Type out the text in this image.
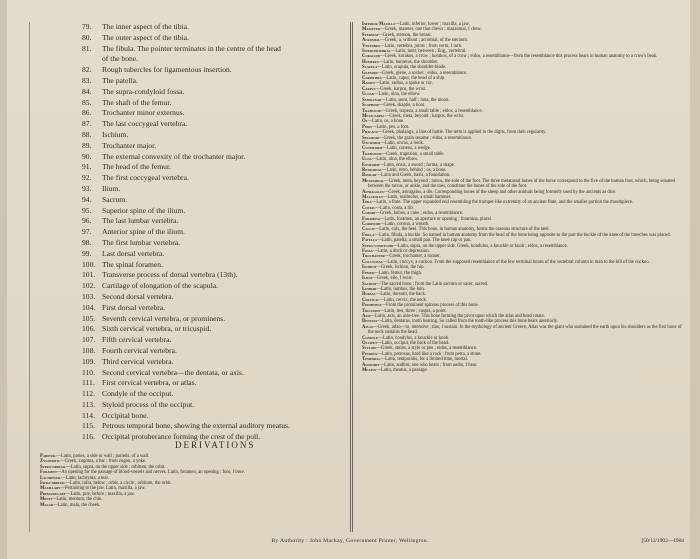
79.	The inner aspect of the tibia.
80.	The outer aspect of the tibia.
81.	The fibula. The pointer terminates in the centre of the head
of the bone.
82.	Rough tubercles for ligamentous insertion.
83.	The patella.
84.	The supra-condyloid fossa.
85.	The shaft of the femur.
86.	Trochanter minor externus.
87.	The last coccygeal vertebra.
88.	Ischium.
89.	Trochanter major.
90.	The external convexity of the trochanter major.
91.	The head of the femur.
92.	The first coccygeal vertebra.
93.	Ilium.
94.	Sacrum.
95.	Superior spine of the ilium.
96.	The last lumbar vertebra.
97.	Anterior spine of the ilium.
98.	The first lumbar vertebra.
99.	Last dorsal vertebra.
100. The spinal foramen.
101. Transverse process of dorsal vertebra (13th).
102. Cartilage of elongation of the scapula.
103. Second dorsal vertebra.
104. First dorsal vertebra.
105. Seventh cervical vertebra, or prominens.
106. Sixth cervical vertebra, or tricuspid.
107. Fifth cervical vertebra.
108. Fourth cervical vertebra.
109. Third cervical vertebra.
110. Second cervical vertebra—the dentata, or axis.
111. First cervical vertebra, or atlas.
112. Condyle of the occiput.
113. Styloid process of the occiput.
114. Occipital bone.
115. Petrous temporal bone, showing the external auditory meatus.
116. Occipital protuberance forming the crest of the poll.
DERIVATIONS

Parietal—Latin, paries, a side or wall ; parietis, of a wall.

Zygomatic—Greek, zugoma, a bar ; from zugon, a yoke.

Supra-orbital—Latin, supra, on the upper side ; orbitum, the orbit.

Foramen—An opening for the passage of blood-vessels and nerves. Latin, foramen, an opening ; foro, I bore.

Lachrymal—Latin, lachryma, a tear.

Infra-orbital—Latin, infra, below ; orbis, a circle ; orbitum, the orbit.

Maxillary—Pertaining to the jaw. Latin, maxilla, a jaw.

Premaxillary—Latin, præ, before ; maxilla, a jaw.

Menti—Latin, mentum, the chin.

Malar—Latin, mala, the cheek.

Inferior Maxilla—Latin, inferior, lower ; maxilla, a jaw.

Masseter—Greek, maseter, one that chews ; masaomai, I chew.

Sternum—Greek, sternon, the breast.

Acromial—Greek, a, without ; acromial, of the sternum.

Vertebra—Latin, vertebra, joints ; from verto, I turn.

Intervertebral—Latin, inter, between ; Eng., vertebral.

Coracoid—Greek, korakos, a crow ; korakos, of a crow ; eidos, a resemblance—from the resemblance this process bears in human anatomy to a crow's beak.

Humerus—Latin, humerus, the shoulder.

Scapula—Latin, scapula, the shoulder-blade.

Glenoid—Greek, glene, a socket ; eidos, a resemblance.

Carpitibus—Latin, caput, the head of a ship.

Radius—Latin, radius, a spoke or ray.

Carpus—Greek, karpos, the wrist.

Ulnar—Latin, ulna, the elbow.

Semilunar—Latin, semi, half ; luna, the moon.

Scaphoid—Greek, skaphe, a boat.

Trapezoid—Greek, trapeza, a small table ; eidos, a resemblance.

Metacarpal—Greek, meta, beyond ; karpos, the wrist.

Os—Latin, os, a bone.

Pedis—Latin, pes, a foot.

Phalanx—Greek, phalangx, a line of battle. The term is applied to the digits, from their regularity.

Sesamoid—Greek, the grain sesame ; eidos, a resemblance.

Unciform—Latin, uncus, a hook.

Cuneiform—Latin, cuneus, a wedge.

Trapezium—Greek, trapezion, a small table.

Ulna—Latin, ulna, the elbow.

Ensiform—Latin, ensis, a sword ; forma, a shape.

Retrorsal—Latin, retro, behind ; os, a bone.

Basilar—Latin and Greek, basis, a foundation.

Metatarsal—Greek, meta, beyond ; tarsos, the sole of the foot. The three metatarsal bones of the horse correspond to the five of the human foot, which, being situated between the tarsus, or ankle, and the toes, constitute the bones of the sole of the foot.

Astragalus—Greek, astragalos, a die. Corresponding bones of the sheep and other animals being formerly used by the ancients as dice.

Malleolus—Latin, malleolus, a small hammer.

Tibia—Latin, a flute. The upper expanded end resembling the trumpet-like extremity of an ancient flute, and the smaller portion the mouthpiece.

Costal—Latin, costa, a rib.

Cuboid—Greek, kubos, a cube ; eidos, a resemblance.

Foramina—Latin, foramen, an aperture or opening ; foramina, plural.

Coronoid—Latin, corona, a wreath.

Calcis—Latin, calx, the heel. This bone, in human anatomy, forms the osseous structure of the heel.

Fibula—Latin, fibula, a buckle. So named in human anatomy from the head of the bone being opposite to the part the buckle of the knee of the breeches was placed.

Patella—Latin, patella, a small pan. The knee cap or pan.

Supra-condyloid—Latin, supra, on the upper side. Greek, kondulos, a knuckle or knob ; eidos, a resemblance.

Fossa—Latin, a ditch or depression.

Trochanter—Greek, trochanter, a runner.

Coccygeal—Latin, coccyx, a cuckoo. From the supposed resemblance of the few terminal bones of the vertebral column in man to the bill of the cuckoo.

Ischium—Greek, ischion, the hip.

Femur—Latin, femur, the thigh.

Ilium—Greek, eilo, I twist.

Sacrum—The sacred bone ; from the Latin sacrum or sacer, sacred.

Lumbar—Latin, lumbus, the loin.

Dorsal—Latin, dorsum, the back.

Cervical—Latin, cervix, the neck.

Prominens—From the prominent spinous process of this bone.

Tricuspid—Latin, tres, three ; cuspis, a point.

Axis—Latin, axis, an axle-tree. This bone forming the pivot upon which the atlas and head rotate.

Dentata—Latin, dentatus, tooth bearing. So called from the tooth-like process this bone bears anteriorly.

Atlas—Greek, atlao—to, intensive ; tlao, I sustain. In the mythology of ancient Greece, Atlas was the giant who sustained the earth upon his shoulders as the first bone of the neck sustains the head.

Condyle—Latin, condylus, a knuckle or knob.

Occiput—Latin, occiput, the back of the head.

Styloid—Greek, stulos, a style or pen ; eidos, a resemblance.

Petrous—Latin, petrosus, hard like a rock ; from petra, a stone.

Temporal—Latin, temporalis, for a limited time, mortal.

Auditory—Latin, auditor, one who hears ; from audio, I hear.

Meatus—Latin, meatus, a passage.

By Authority : John Mackay, Government Printer, Wellington.	[50/12/1903—1904
